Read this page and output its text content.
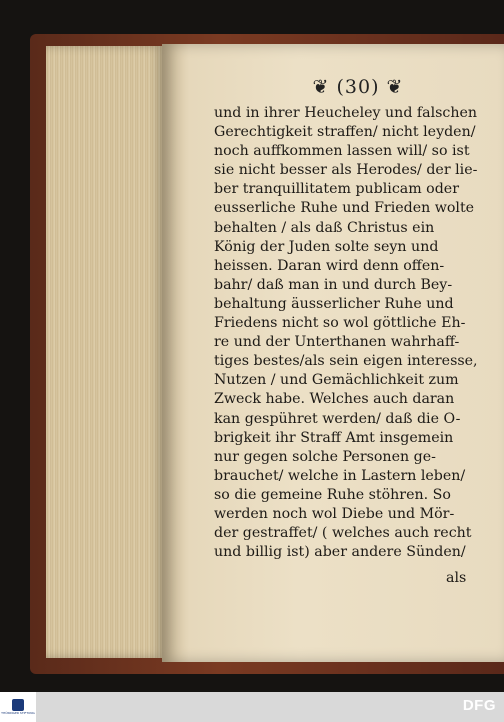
❦ (30) ❦
und in ihrer Heucheley und falschen
Gerechtigkeit straffen/ nicht leyden/
noch auffkommen lassen will/ so ist
sie nicht besser als Herodes/ der lie-
ber tranquillitatem publicam oder
eusserliche Ruhe und Frieden wolte
behalten / als daß Christus ein
König der Juden solte seyn und
heissen. Daran wird denn offen-
bahr/ daß man in und durch Bey-
behaltung äusserlicher Ruhe und
Friedens nicht so wol göttliche Eh-
re und der Unterthanen wahrhaff-
tiges bestes/als sein eigen interesse,
Nutzen / und Gemächlichkeit zum
Zweck habe. Welches auch daran
kan gespühret werden/ daß die O-
brigkeit ihr Straff Amt insgemein
nur gegen solche Personen ge-
brauchet/ welche in Lastern leben/
so die gemeine Ruhe stöhren. So
werden noch wol Diebe und Mör-
der gestraffet/ ( welches auch recht
und billig ist) aber andere Sünden/
als
THÜRINGER STIFTUNG	DFG
